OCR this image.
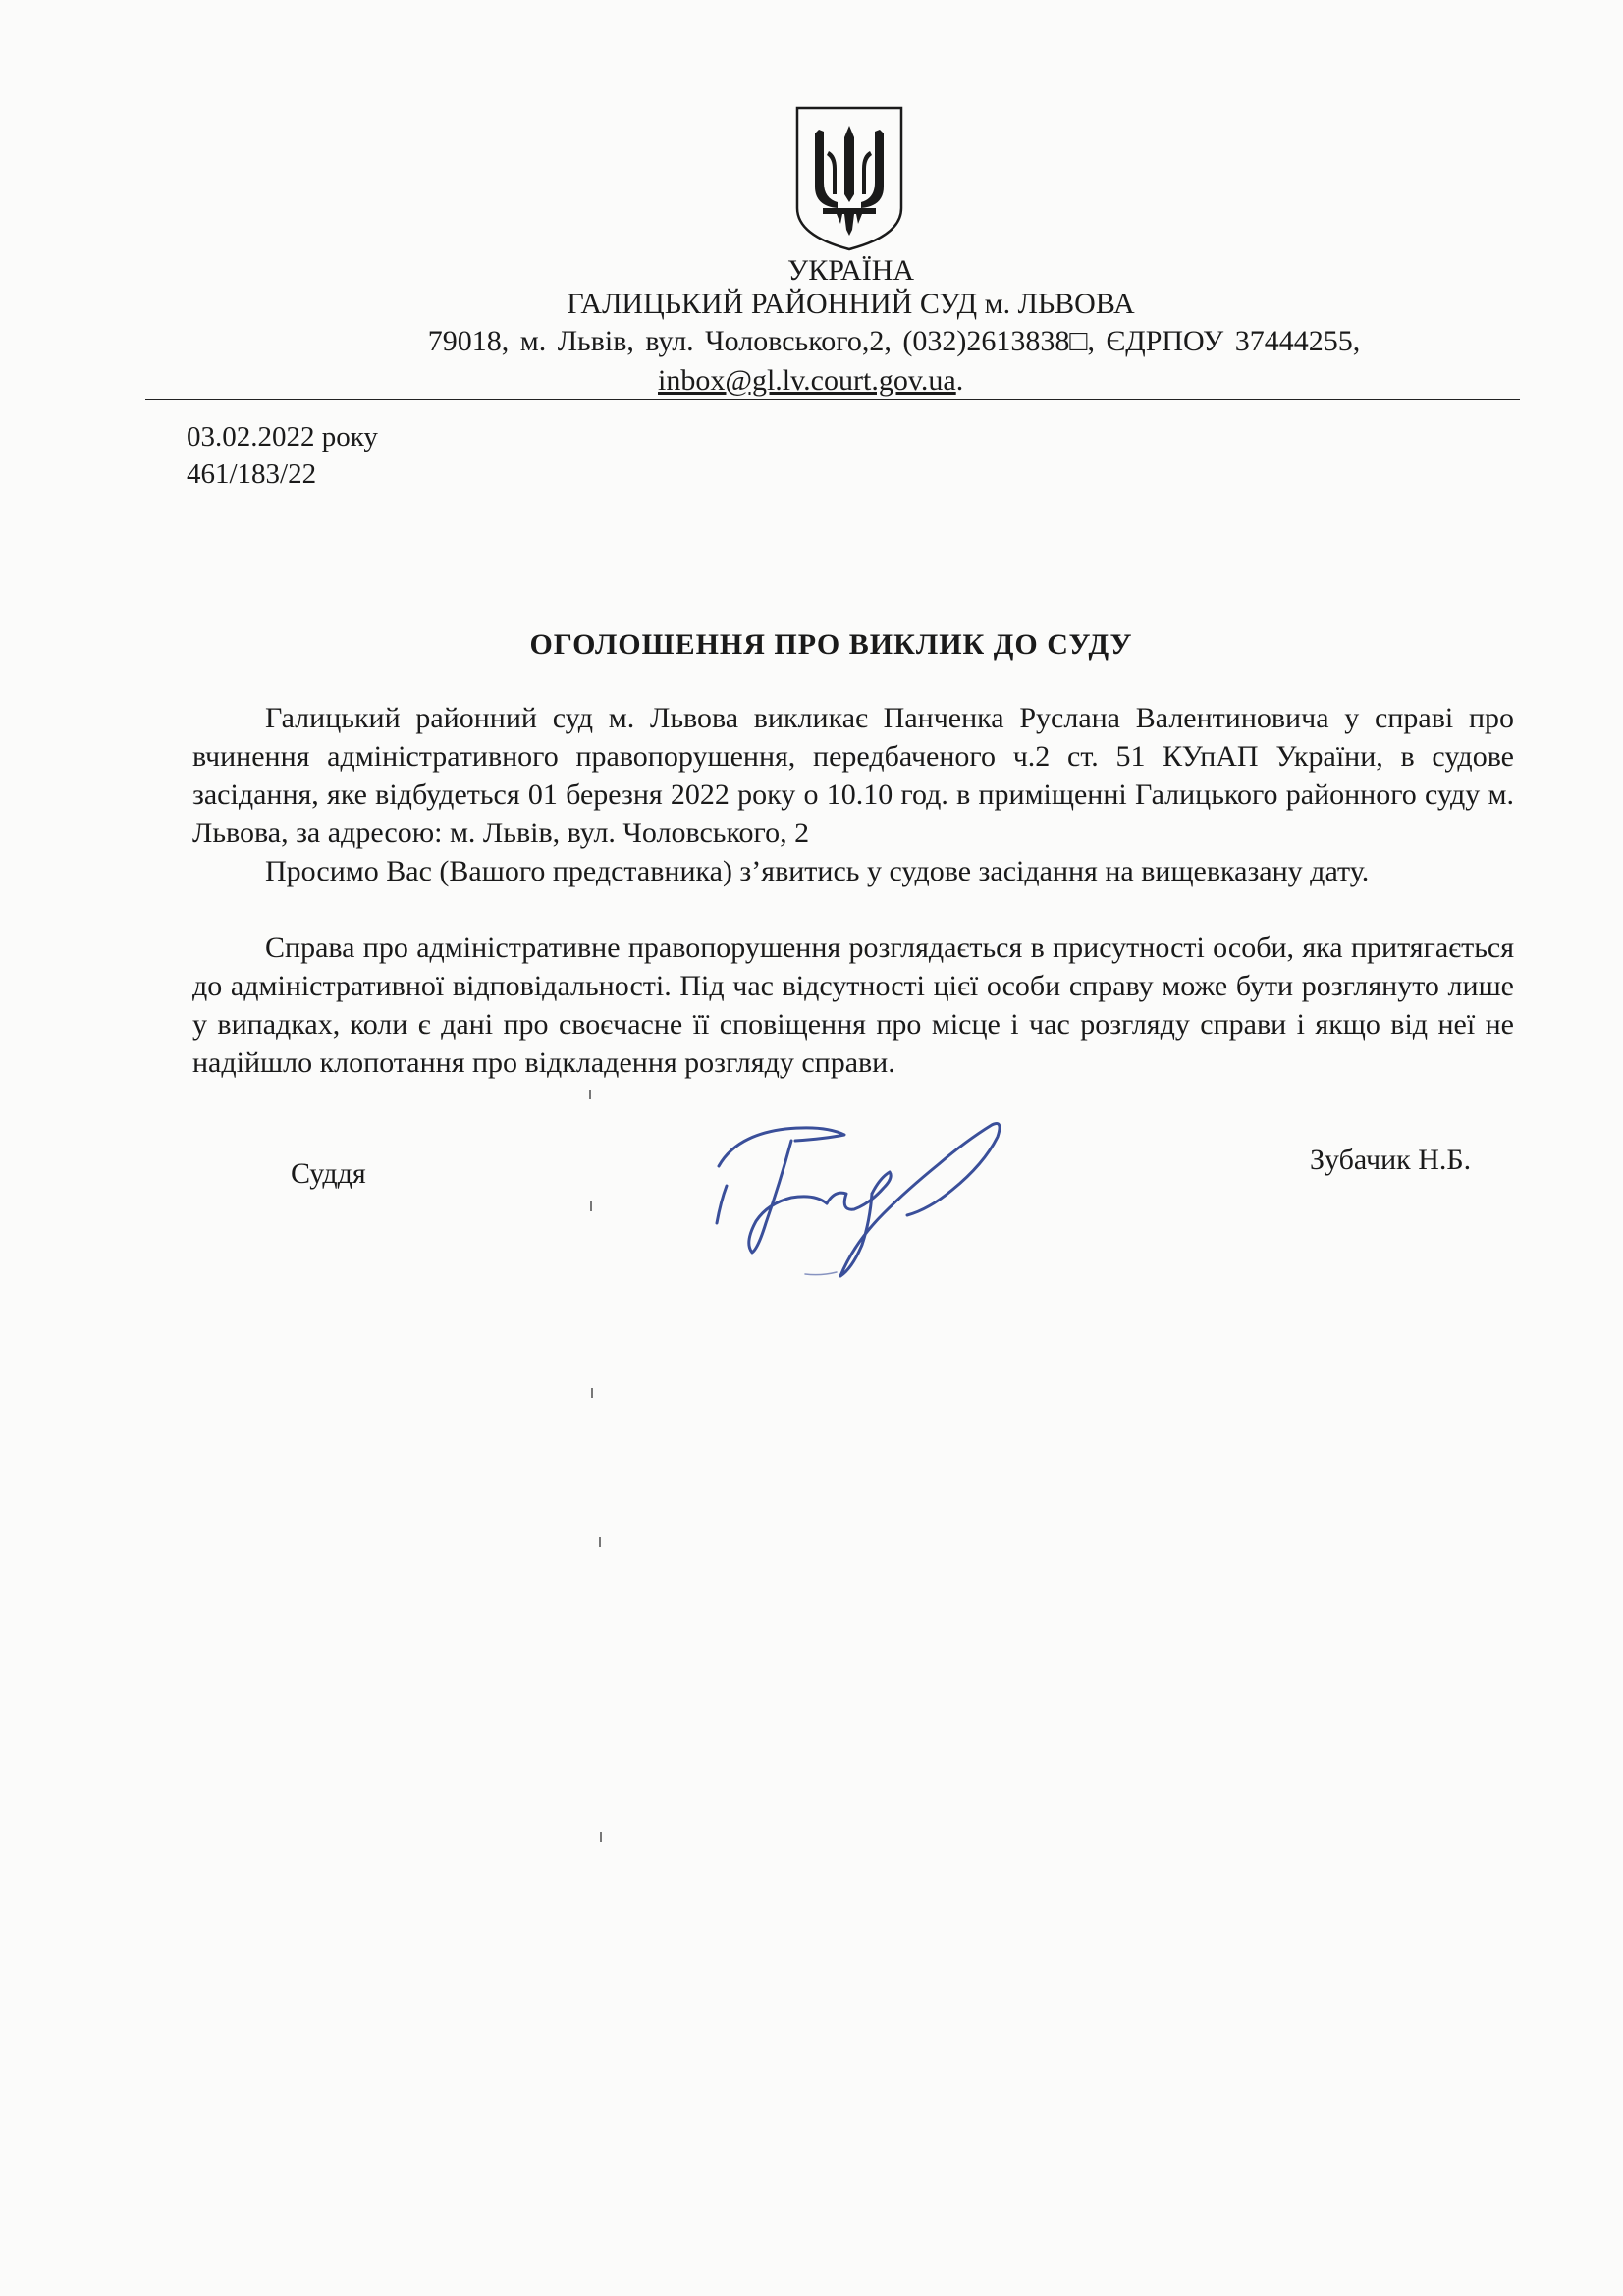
УКРАЇНА
ГАЛИЦЬКИЙ РАЙОННИЙ СУД м. ЛЬВОВА
79018, м. Львів, вул. Чоловського,2, (032)2613838□, ЄДРПОУ 37444255,
inbox@gl.lv.court.gov.ua.
03.02.2022 року
461/183/22
ОГОЛОШЕННЯ ПРО ВИКЛИК ДО СУДУ

Галицький районний суд м. Львова викликає Панченка Руслана Валентиновича у справі про вчинення адміністративного правопорушення, передбаченого ч.2 ст. 51 КУпАП України, в судове засідання, яке відбудеться 01 березня 2022 року о 10.10 год. в приміщенні Галицького районного суду м. Львова, за адресою: м. Львів, вул. Чоловського, 2

Просимо Вас (Вашого представника) з’явитись у судове засідання на вищевказану дату.

Справа про адміністративне правопорушення розглядається в присутності особи, яка притягається до адміністративної відповідальності. Під час відсутності цієї особи справу може бути розглянуто лише у випадках, коли є дані про своєчасне її сповіщення про місце і час розгляду справи і якщо від неї не надійшло клопотання про відкладення розгляду справи.

Суддя	Зубачик Н.Б.
